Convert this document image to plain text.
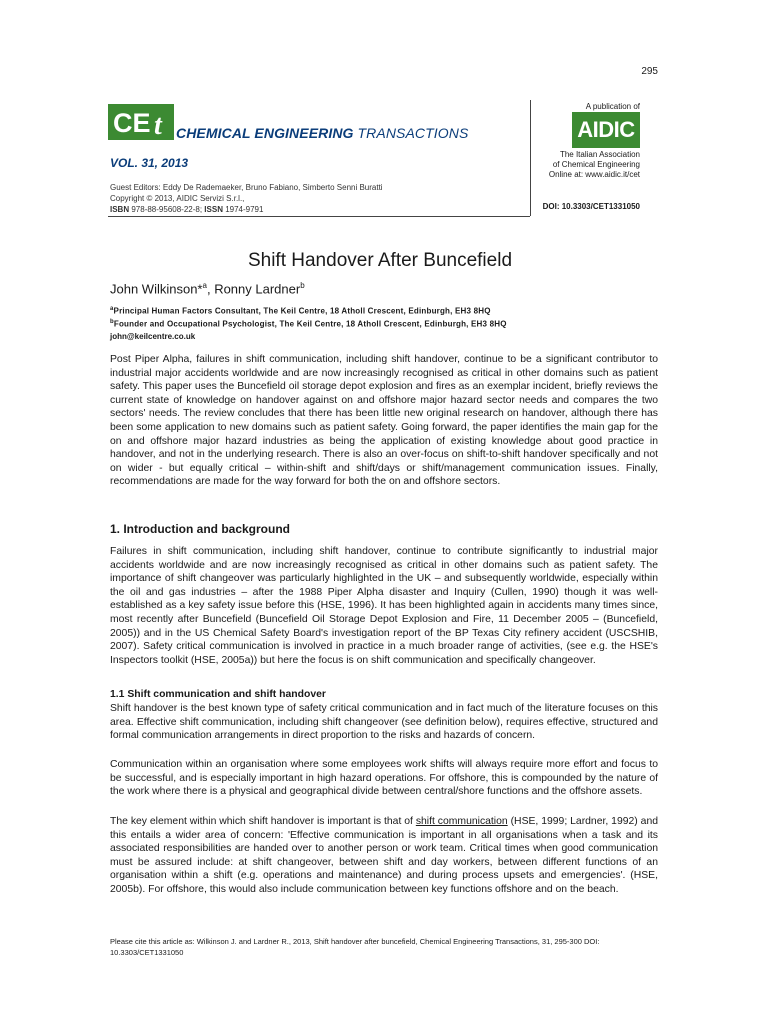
295
CE t CHEMICAL ENGINEERING TRANSACTIONS
VOL. 31, 2013
Guest Editors: Eddy De Rademaeker, Bruno Fabiano, Simberto Senni Buratti
Copyright © 2013, AIDIC Servizi S.r.l.,
ISBN 978-88-95608-22-8; ISSN 1974-9791
A publication of
AIDIC
The Italian Association
of Chemical Engineering
Online at: www.aidic.it/cet
DOI: 10.3303/CET1331050
Shift Handover After Buncefield
John Wilkinson*$^a$, Ronny Lardner$^b$
$^a$Principal Human Factors Consultant, The Keil Centre, 18 Atholl Crescent, Edinburgh, EH3 8HQ
$^b$Founder and Occupational Psychologist, The Keil Centre, 18 Atholl Crescent, Edinburgh, EH3 8HQ
john@keilcentre.co.uk
Post Piper Alpha, failures in shift communication, including shift handover, continue to be a significant contributor to industrial major accidents worldwide and are now increasingly recognised as critical in other domains such as patient safety. This paper uses the Buncefield oil storage depot explosion and fires as an exemplar incident, briefly reviews the current state of knowledge on handover against on and offshore major hazard sector needs and compares the two sectors' needs. The review concludes that there has been little new original research on handover, although there has been some application to new domains such as patient safety. Going forward, the paper identifies the main gap for the on and offshore major hazard industries as being the application of existing knowledge about good practice in handover, and not in the underlying research. There is also an over-focus on shift-to-shift handover specifically and not on wider - but equally critical – within-shift and shift/days or shift/management communication issues. Finally, recommendations are made for the way forward for both the on and offshore sectors.
1. Introduction and background
Failures in shift communication, including shift handover, continue to contribute significantly to industrial major accidents worldwide and are now increasingly recognised as critical in other domains such as patient safety. The importance of shift changeover was particularly highlighted in the UK – and subsequently worldwide, especially within the oil and gas industries – after the 1988 Piper Alpha disaster and Inquiry (Cullen, 1990) though it was well-established as a key safety issue before this (HSE, 1996). It has been highlighted again in accidents many times since, most recently after Buncefield (Buncefield Oil Storage Depot Explosion and Fire, 11 December 2005 – (Buncefield, 2005)) and in the US Chemical Safety Board's investigation report of the BP Texas City refinery accident (USCSHIB, 2007). Safety critical communication is involved in practice in a much broader range of activities, (see e.g. the HSE's Inspectors toolkit (HSE, 2005a)) but here the focus is on shift communication and specifically changeover.
1.1 Shift communication and shift handover
Shift handover is the best known type of safety critical communication and in fact much of the literature focuses on this area. Effective shift communication, including shift changeover (see definition below), requires effective, structured and formal communication arrangements in direct proportion to the risks and hazards of concern.
Communication within an organisation where some employees work shifts will always require more effort and focus to be successful, and is especially important in high hazard operations. For offshore, this is compounded by the nature of the work where there is a physical and geographical divide between central/shore functions and the offshore assets.
The key element within which shift handover is important is that of shift communication (HSE, 1999; Lardner, 1992) and this entails a wider area of concern: 'Effective communication is important in all organisations when a task and its associated responsibilities are handed over to another person or work team. Critical times when good communication must be assured include: at shift changeover, between shift and day workers, between different functions of an organisation within a shift (e.g. operations and maintenance) and during process upsets and emergencies'. (HSE, 2005b). For offshore, this would also include communication between key functions offshore and on the beach.
Please cite this article as: Wilkinson J. and Lardner R., 2013, Shift handover after buncefield, Chemical Engineering Transactions, 31, 295-300 DOI: 10.3303/CET1331050
